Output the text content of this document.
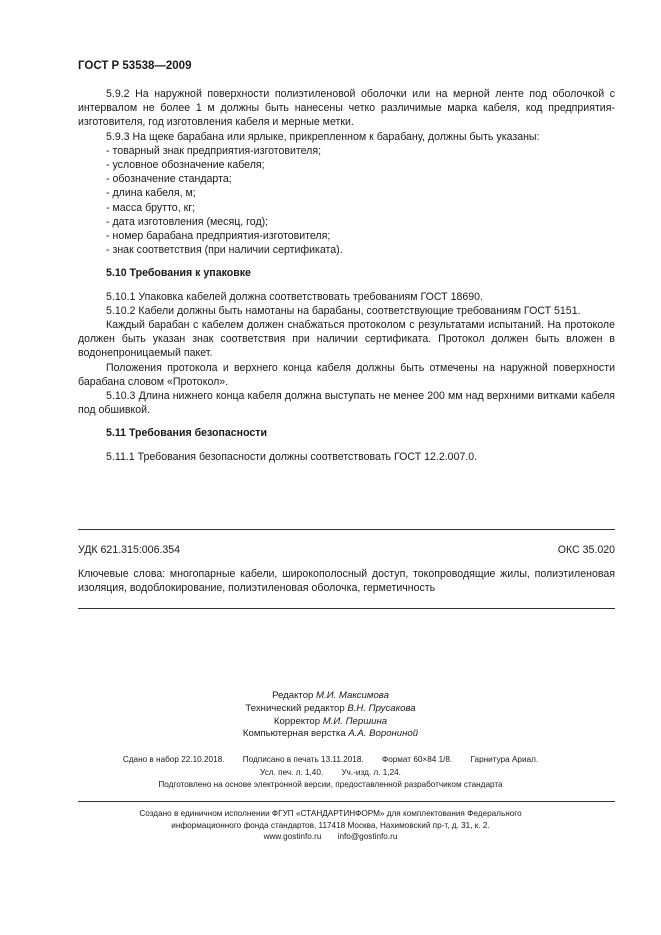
ГОСТ Р 53538—2009

5.9.2 На наружной поверхности полиэтиленовой оболочки или на мерной ленте под оболочкой с интервалом не более 1 м должны быть нанесены четко различимые марка кабеля, код предприятия-изготовителя, год изготовления кабеля и мерные метки.

5.9.3 На щеке барабана или ярлыке, прикрепленном к барабану, должны быть указаны:

- товарный знак предприятия-изготовителя;

- условное обозначение кабеля;

- обозначение стандарта;

- длина кабеля, м;

- масса брутто, кг;

- дата изготовления (месяц, год);

- номер барабана предприятия-изготовителя;

- знак соответствия (при наличии сертификата).

5.10 Требования к упаковке

5.10.1 Упаковка кабелей должна соответствовать требованиям ГОСТ 18690.

5.10.2 Кабели должны быть намотаны на барабаны, соответствующие требованиям ГОСТ 5151.

Каждый барабан с кабелем должен снабжаться протоколом с результатами испытаний. На протоколе должен быть указан знак соответствия при наличии сертификата. Протокол должен быть вложен в водонепроницаемый пакет.

Положения протокола и верхнего конца кабеля должны быть отмечены на наружной поверхности барабана словом «Протокол».

5.10.3 Длина нижнего конца кабеля должна выступать не менее 200 мм над верхними витками кабеля под обшивкой.

5.11 Требования безопасности

5.11.1 Требования безопасности должны соответствовать ГОСТ 12.2.007.0.

УДК 621.315:006.354	ОКС 35.020
Ключевые слова: многопарные кабели, широкополосный доступ, токопроводящие жилы, полиэтиленовая изоляция, водоблокирование, полиэтиленовая оболочка, герметичность
Редактор М.И. Максимова
Технический редактор В.Н. Прусакова
Корректор М.И. Першина
Компьютерная верстка А.А. Ворониной
Сдано в набор 22.10.2018. Подписано в печать 13.11.2018. Формат 60×84 1/8. Гарнитура Ариал.
Усл. печ. л. 1,40. Уч.-изд. л. 1,24.
Подготовлено на основе электронной версии, предоставленной разработчиком стандарта
Создано в единичном исполнении ФГУП «СТАНДАРТИНФОРМ» для комплектования Федерального
информационного фонда стандартов, 117418 Москва, Нахимовский пр-т, д. 31, к. 2.
www.gostinfo.ru info@gostinfo.ru
